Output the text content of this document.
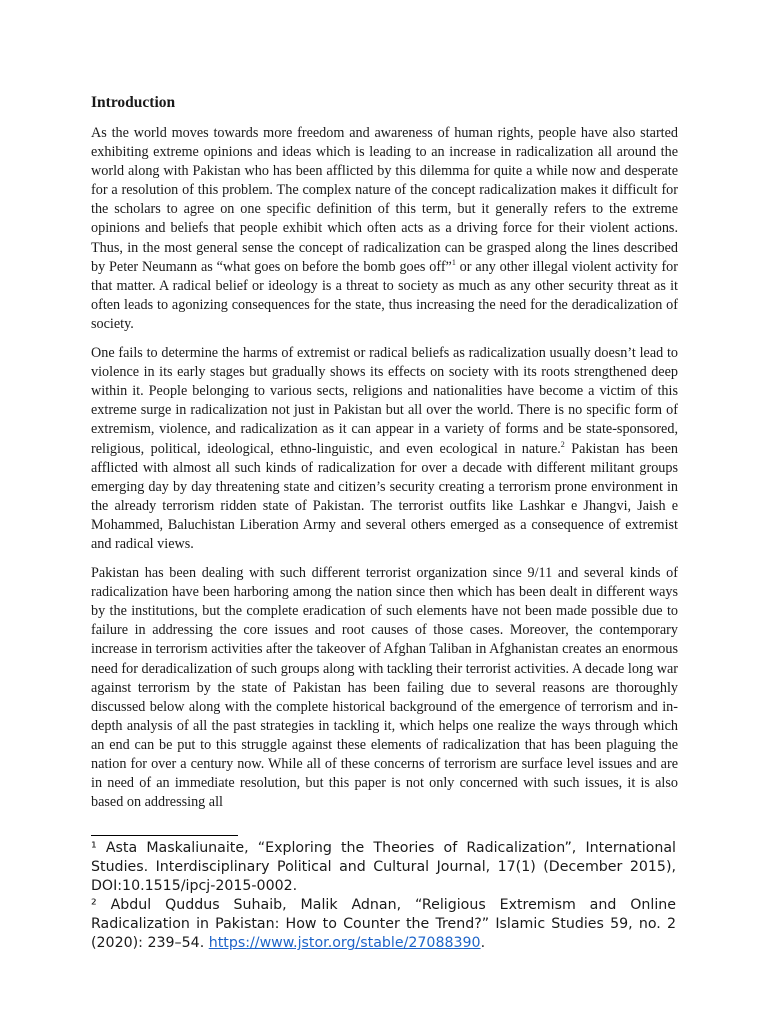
Introduction

As the world moves towards more freedom and awareness of human rights, people have also started exhibiting extreme opinions and ideas which is leading to an increase in radicalization all around the world along with Pakistan who has been afflicted by this dilemma for quite a while now and desperate for a resolution of this problem. The complex nature of the concept radicalization makes it difficult for the scholars to agree on one specific definition of this term, but it generally refers to the extreme opinions and beliefs that people exhibit which often acts as a driving force for their violent actions. Thus, in the most general sense the concept of radicalization can be grasped along the lines described by Peter Neumann as “what goes on before the bomb goes off”$^1$ or any other illegal violent activity for that matter. A radical belief or ideology is a threat to society as much as any other security threat as it often leads to agonizing consequences for the state, thus increasing the need for the deradicalization of society.

One fails to determine the harms of extremist or radical beliefs as radicalization usually doesn’t lead to violence in its early stages but gradually shows its effects on society with its roots strengthened deep within it. People belonging to various sects, religions and nationalities have become a victim of this extreme surge in radicalization not just in Pakistan but all over the world. There is no specific form of extremism, violence, and radicalization as it can appear in a variety of forms and be state-sponsored, religious, political, ideological, ethno-linguistic, and even ecological in nature.$^2$ Pakistan has been afflicted with almost all such kinds of radicalization for over a decade with different militant groups emerging day by day threatening state and citizen’s security creating a terrorism prone environment in the already terrorism ridden state of Pakistan. The terrorist outfits like Lashkar e Jhangvi, Jaish e Mohammed, Baluchistan Liberation Army and several others emerged as a consequence of extremist and radical views.

Pakistan has been dealing with such different terrorist organization since 9/11 and several kinds of radicalization have been harboring among the nation since then which has been dealt in different ways by the institutions, but the complete eradication of such elements have not been made possible due to failure in addressing the core issues and root causes of those cases. Moreover, the contemporary increase in terrorism activities after the takeover of Afghan Taliban in Afghanistan creates an enormous need for deradicalization of such groups along with tackling their terrorist activities. A decade long war against terrorism by the state of Pakistan has been failing due to several reasons are thoroughly discussed below along with the complete historical background of the emergence of terrorism and in-depth analysis of all the past strategies in tackling it, which helps one realize the ways through which an end can be put to this struggle against these elements of radicalization that has been plaguing the nation for over a century now. While all of these concerns of terrorism are surface level issues and are in need of an immediate resolution, but this paper is not only concerned with such issues, it is also based on addressing all

¹ Asta Maskaliunaite, “Exploring the Theories of Radicalization”, International Studies. Interdisciplinary Political and Cultural Journal, 17(1) (December 2015), DOI:10.1515/ipcj-2015-0002.

² Abdul Quddus Suhaib, Malik Adnan, “Religious Extremism and Online Radicalization in Pakistan: How to Counter the Trend?” Islamic Studies 59, no. 2 (2020): 239–54. https://www.jstor.org/stable/27088390.
